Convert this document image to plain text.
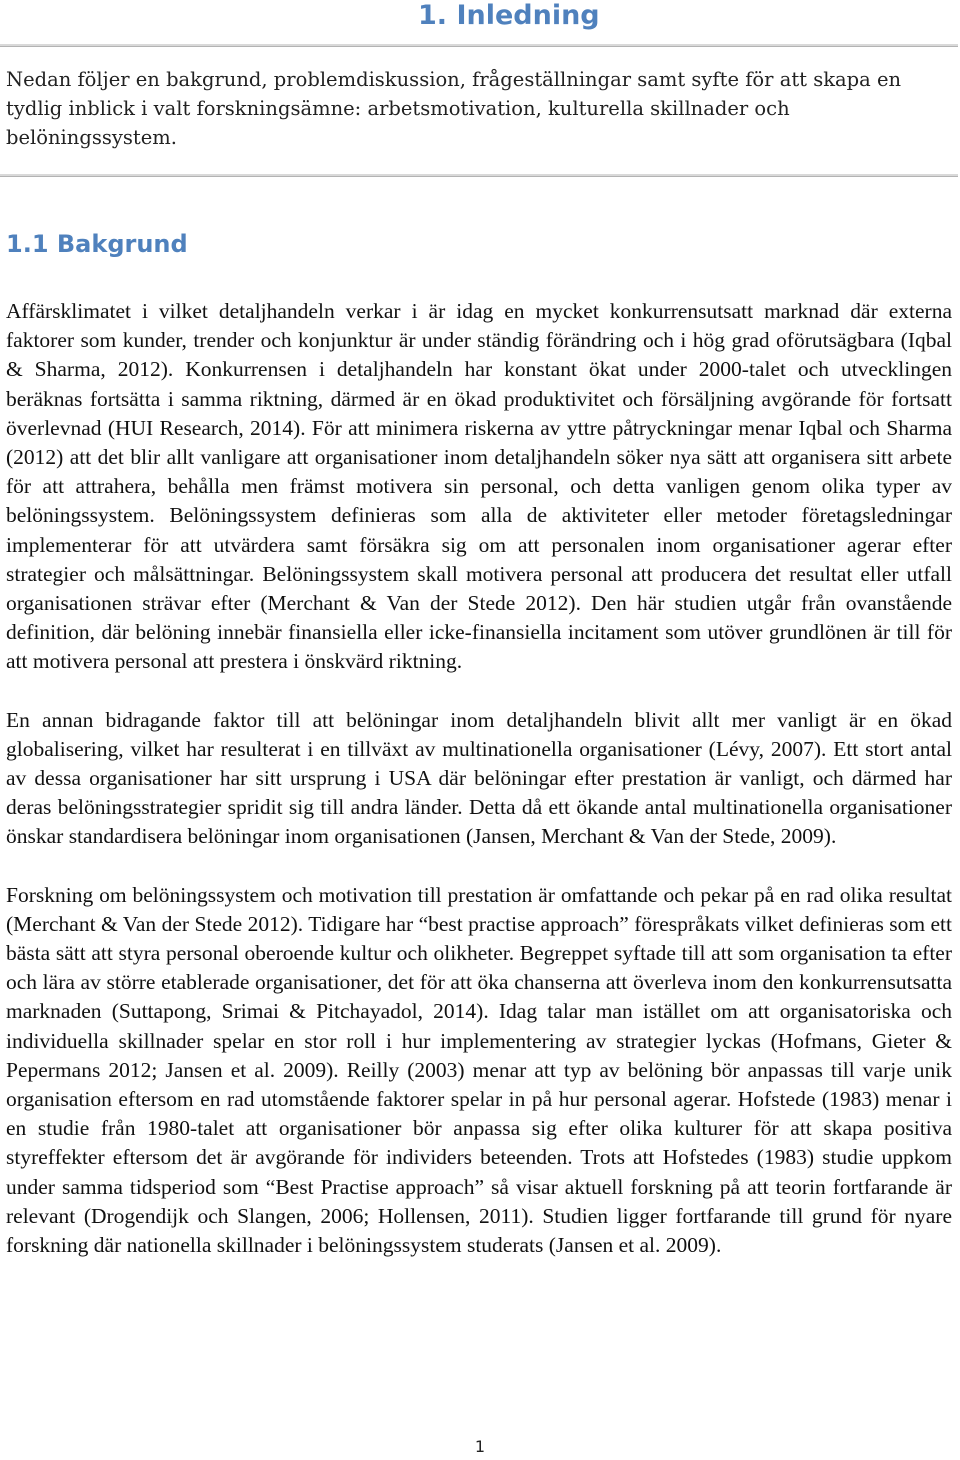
1. Inledning
Nedan följer en bakgrund, problemdiskussion, frågeställningar samt syfte för att skapa en tydlig inblick i valt forskningsämne: arbetsmotivation, kulturella skillnader och belöningssystem.
1.1 Bakgrund

Affärsklimatet i vilket detaljhandeln verkar i är idag en mycket konkurrensutsatt marknad där externa faktorer som kunder, trender och konjunktur är under ständig förändring och i hög grad oförutsägbara (Iqbal & Sharma, 2012). Konkurrensen i detaljhandeln har konstant ökat under 2000-talet och utvecklingen beräknas fortsätta i samma riktning, därmed är en ökad produktivitet och försäljning avgörande för fortsatt överlevnad (HUI Research, 2014). För att minimera riskerna av yttre påtryckningar menar Iqbal och Sharma (2012) att det blir allt vanligare att organisationer inom detaljhandeln söker nya sätt att organisera sitt arbete för att attrahera, behålla men främst motivera sin personal, och detta vanligen genom olika typer av belöningssystem. Belöningssystem definieras som alla de aktiviteter eller metoder företagsledningar implementerar för att utvärdera samt försäkra sig om att personalen inom organisationer agerar efter strategier och målsättningar. Belöningssystem skall motivera personal att producera det resultat eller utfall organisationen strävar efter (Merchant & Van der Stede 2012). Den här studien utgår från ovanstående definition, där belöning innebär finansiella eller icke-finansiella incitament som utöver grundlönen är till för att motivera personal att prestera i önskvärd riktning.

En annan bidragande faktor till att belöningar inom detaljhandeln blivit allt mer vanligt är en ökad globalisering, vilket har resulterat i en tillväxt av multinationella organisationer (Lévy, 2007). Ett stort antal av dessa organisationer har sitt ursprung i USA där belöningar efter prestation är vanligt, och därmed har deras belöningsstrategier spridit sig till andra länder. Detta då ett ökande antal multinationella organisationer önskar standardisera belöningar inom organisationen (Jansen, Merchant & Van der Stede, 2009).

Forskning om belöningssystem och motivation till prestation är omfattande och pekar på en rad olika resultat (Merchant & Van der Stede 2012). Tidigare har “best practise approach” förespråkats vilket definieras som ett bästa sätt att styra personal oberoende kultur och olikheter. Begreppet syftade till att som organisation ta efter och lära av större etablerade organisationer, det för att öka chanserna att överleva inom den konkurrensutsatta marknaden (Suttapong, Srimai & Pitchayadol, 2014). Idag talar man istället om att organisatoriska och individuella skillnader spelar en stor roll i hur implementering av strategier lyckas (Hofmans, Gieter & Pepermans 2012; Jansen et al. 2009). Reilly (2003) menar att typ av belöning bör anpassas till varje unik organisation eftersom en rad utomstående faktorer spelar in på hur personal agerar. Hofstede (1983) menar i en studie från 1980-talet att organisationer bör anpassa sig efter olika kulturer för att skapa positiva styreffekter eftersom det är avgörande för individers beteenden. Trots att Hofstedes (1983) studie uppkom under samma tidsperiod som “Best Practise approach” så visar aktuell forskning på att teorin fortfarande är relevant (Drogendijk och Slangen, 2006; Hollensen, 2011). Studien ligger fortfarande till grund för nyare forskning där nationella skillnader i belöningssystem studerats (Jansen et al. 2009).

1
